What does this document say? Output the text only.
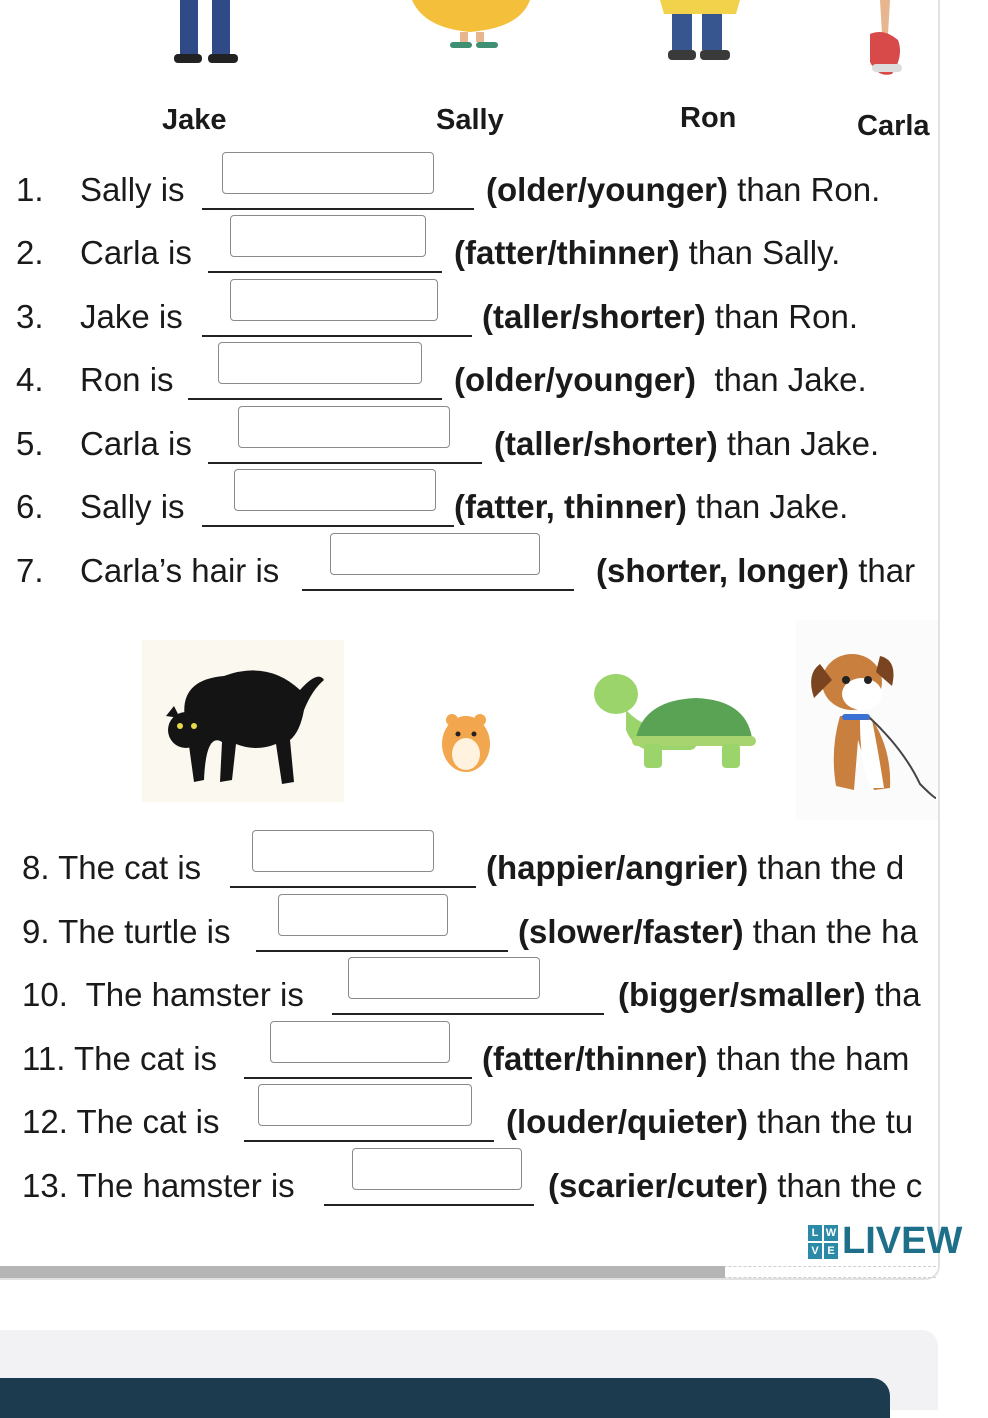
Jake	Sally	Ron	Carla
1. Sally is	(older/younger) than Ron.
2. Carla is	(fatter/thinner) than Sally.
3. Jake is	(taller/shorter) than Ron.
4. Ron is	(older/younger)  than Jake.
5. Carla is	(taller/shorter) than Jake.
6. Sally is	(fatter, thinner) than Jake.
7. Carla’s hair is	(shorter, longer) thar
8. The cat is	(happier/angrier) than the d
9. The turtle is	(slower/faster) than the ha
10.  The hamster is	(bigger/smaller) tha
11. The cat is	(fatter/thinner) than the ham
12. The cat is	(louder/quieter) than the tu
13. The hamster is	(scarier/cuter) than the c
L W
V E LIVEW
